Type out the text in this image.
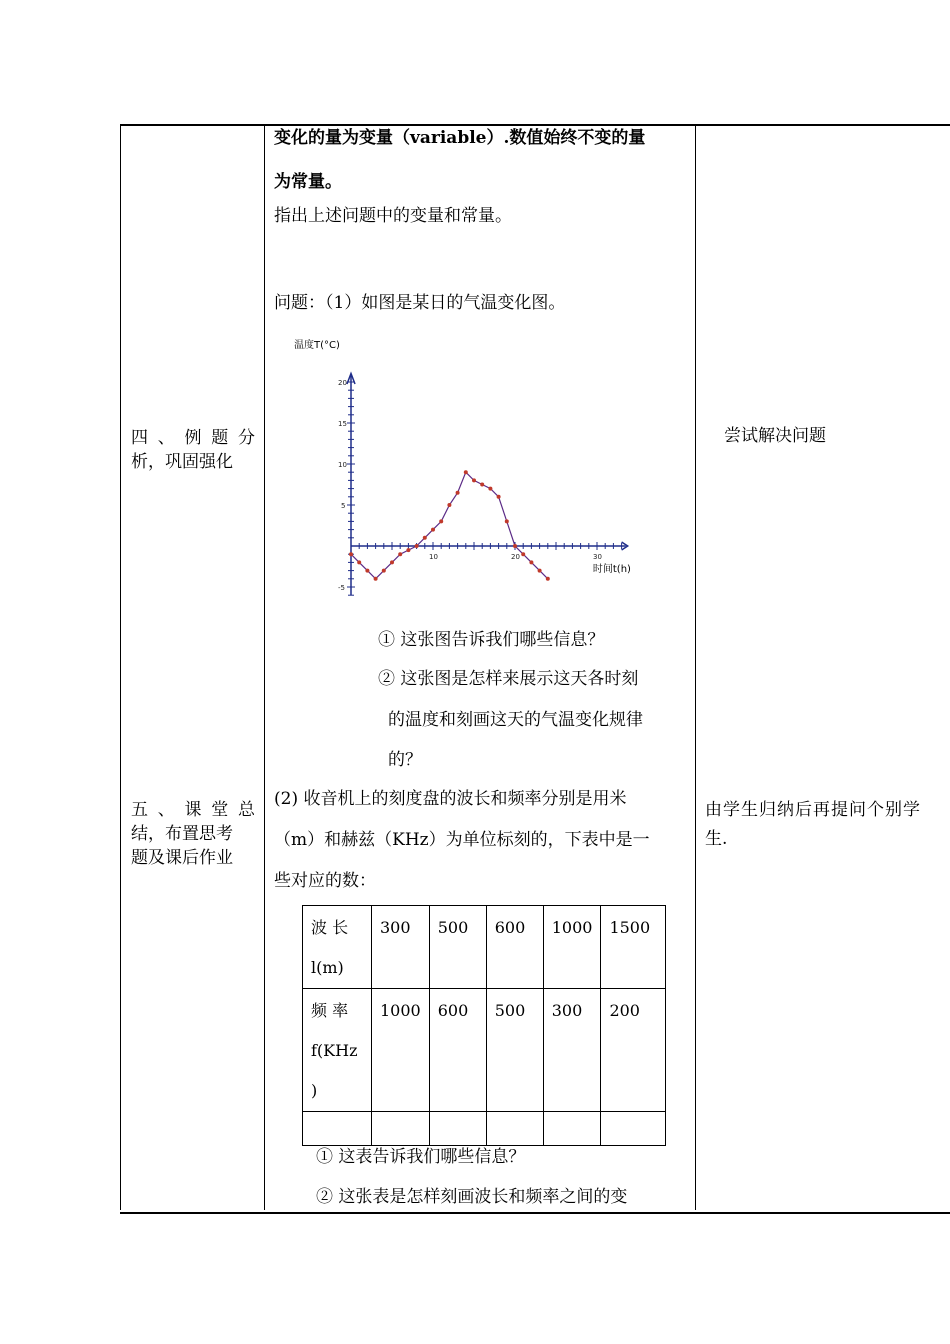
四 、 例 题 分
析，巩固强化
五 、 课 堂 总
结，布置思考
题及课后作业
变化的量为变量（variable）.数值始终不变的量
为常量。
指出上述问题中的变量和常量。
问题：（1）如图是某日的气温变化图。
温度T(°C)
时间t(h)
10	20	30
20
15
10
5
-5
① 这张图告诉我们哪些信息？
② 这张图是怎样来展示这天各时刻
的温度和刻画这天的气温变化规律
的？
(2) 收音机上的刻度盘的波长和频率分别是用米
（m）和赫兹（KHz）为单位标刻的，下表中是一
些对应的数：
波 长
l(m)	300	500	600	1000	1500

频 率
f(KHz
)	1000	600	500	300	200

① 这表告诉我们哪些信息？
② 这张表是怎样刻画波长和频率之间的变
尝试解决问题
由学生归纳后再提问个别学
生.
